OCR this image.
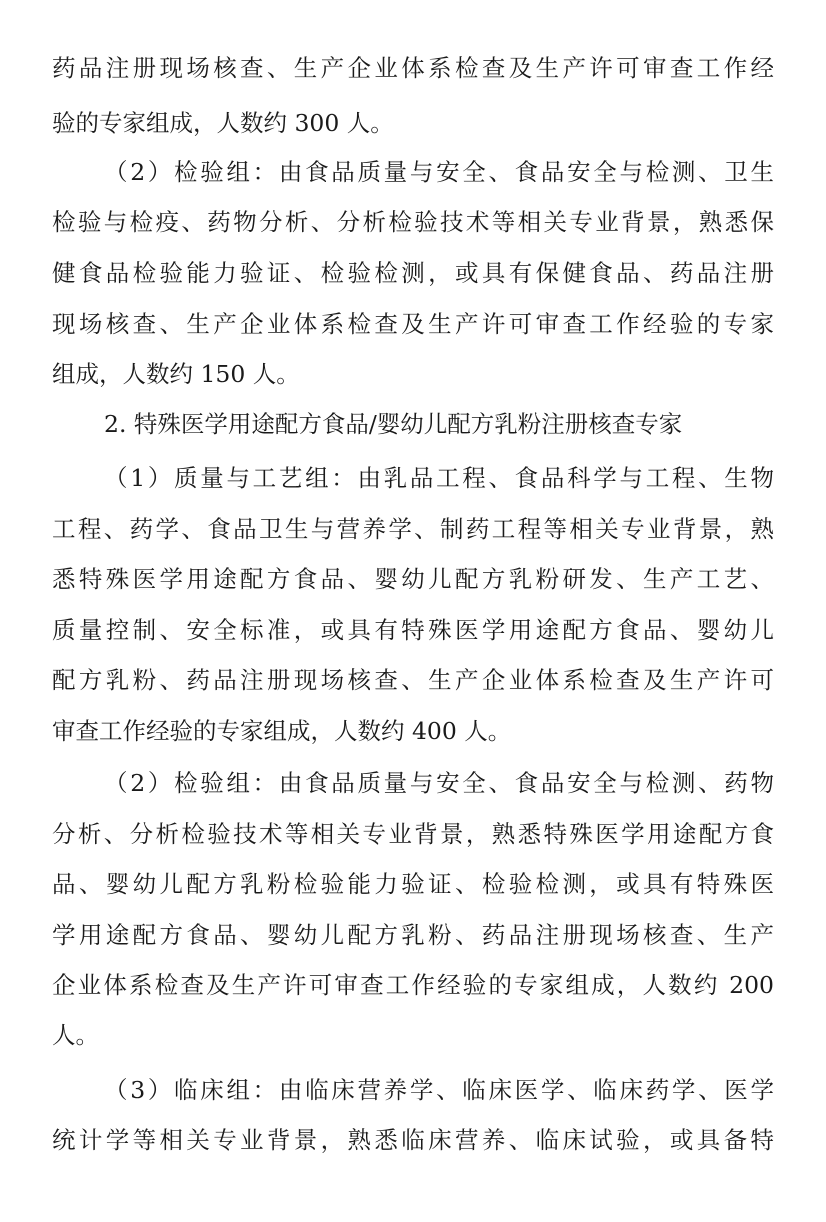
药品注册现场核查、生产企业体系检查及生产许可审查工作经
验的专家组成，人数约 300 人。
（2）检验组：由食品质量与安全、食品安全与检测、卫生
检验与检疫、药物分析、分析检验技术等相关专业背景，熟悉保
健食品检验能力验证、检验检测，或具有保健食品、药品注册
现场核查、生产企业体系检查及生产许可审查工作经验的专家
组成，人数约 150 人。
2. 特殊医学用途配方食品/婴幼儿配方乳粉注册核查专家
（1）质量与工艺组：由乳品工程、食品科学与工程、生物
工程、药学、食品卫生与营养学、制药工程等相关专业背景，熟
悉特殊医学用途配方食品、婴幼儿配方乳粉研发、生产工艺、
质量控制、安全标准，或具有特殊医学用途配方食品、婴幼儿
配方乳粉、药品注册现场核查、生产企业体系检查及生产许可
审查工作经验的专家组成，人数约 400 人。
（2）检验组：由食品质量与安全、食品安全与检测、药物
分析、分析检验技术等相关专业背景，熟悉特殊医学用途配方食
品、婴幼儿配方乳粉检验能力验证、检验检测，或具有特殊医
学用途配方食品、婴幼儿配方乳粉、药品注册现场核查、生产
企业体系检查及生产许可审查工作经验的专家组成，人数约 200
人。
（3）临床组：由临床营养学、临床医学、临床药学、医学
统计学等相关专业背景，熟悉临床营养、临床试验，或具备特
